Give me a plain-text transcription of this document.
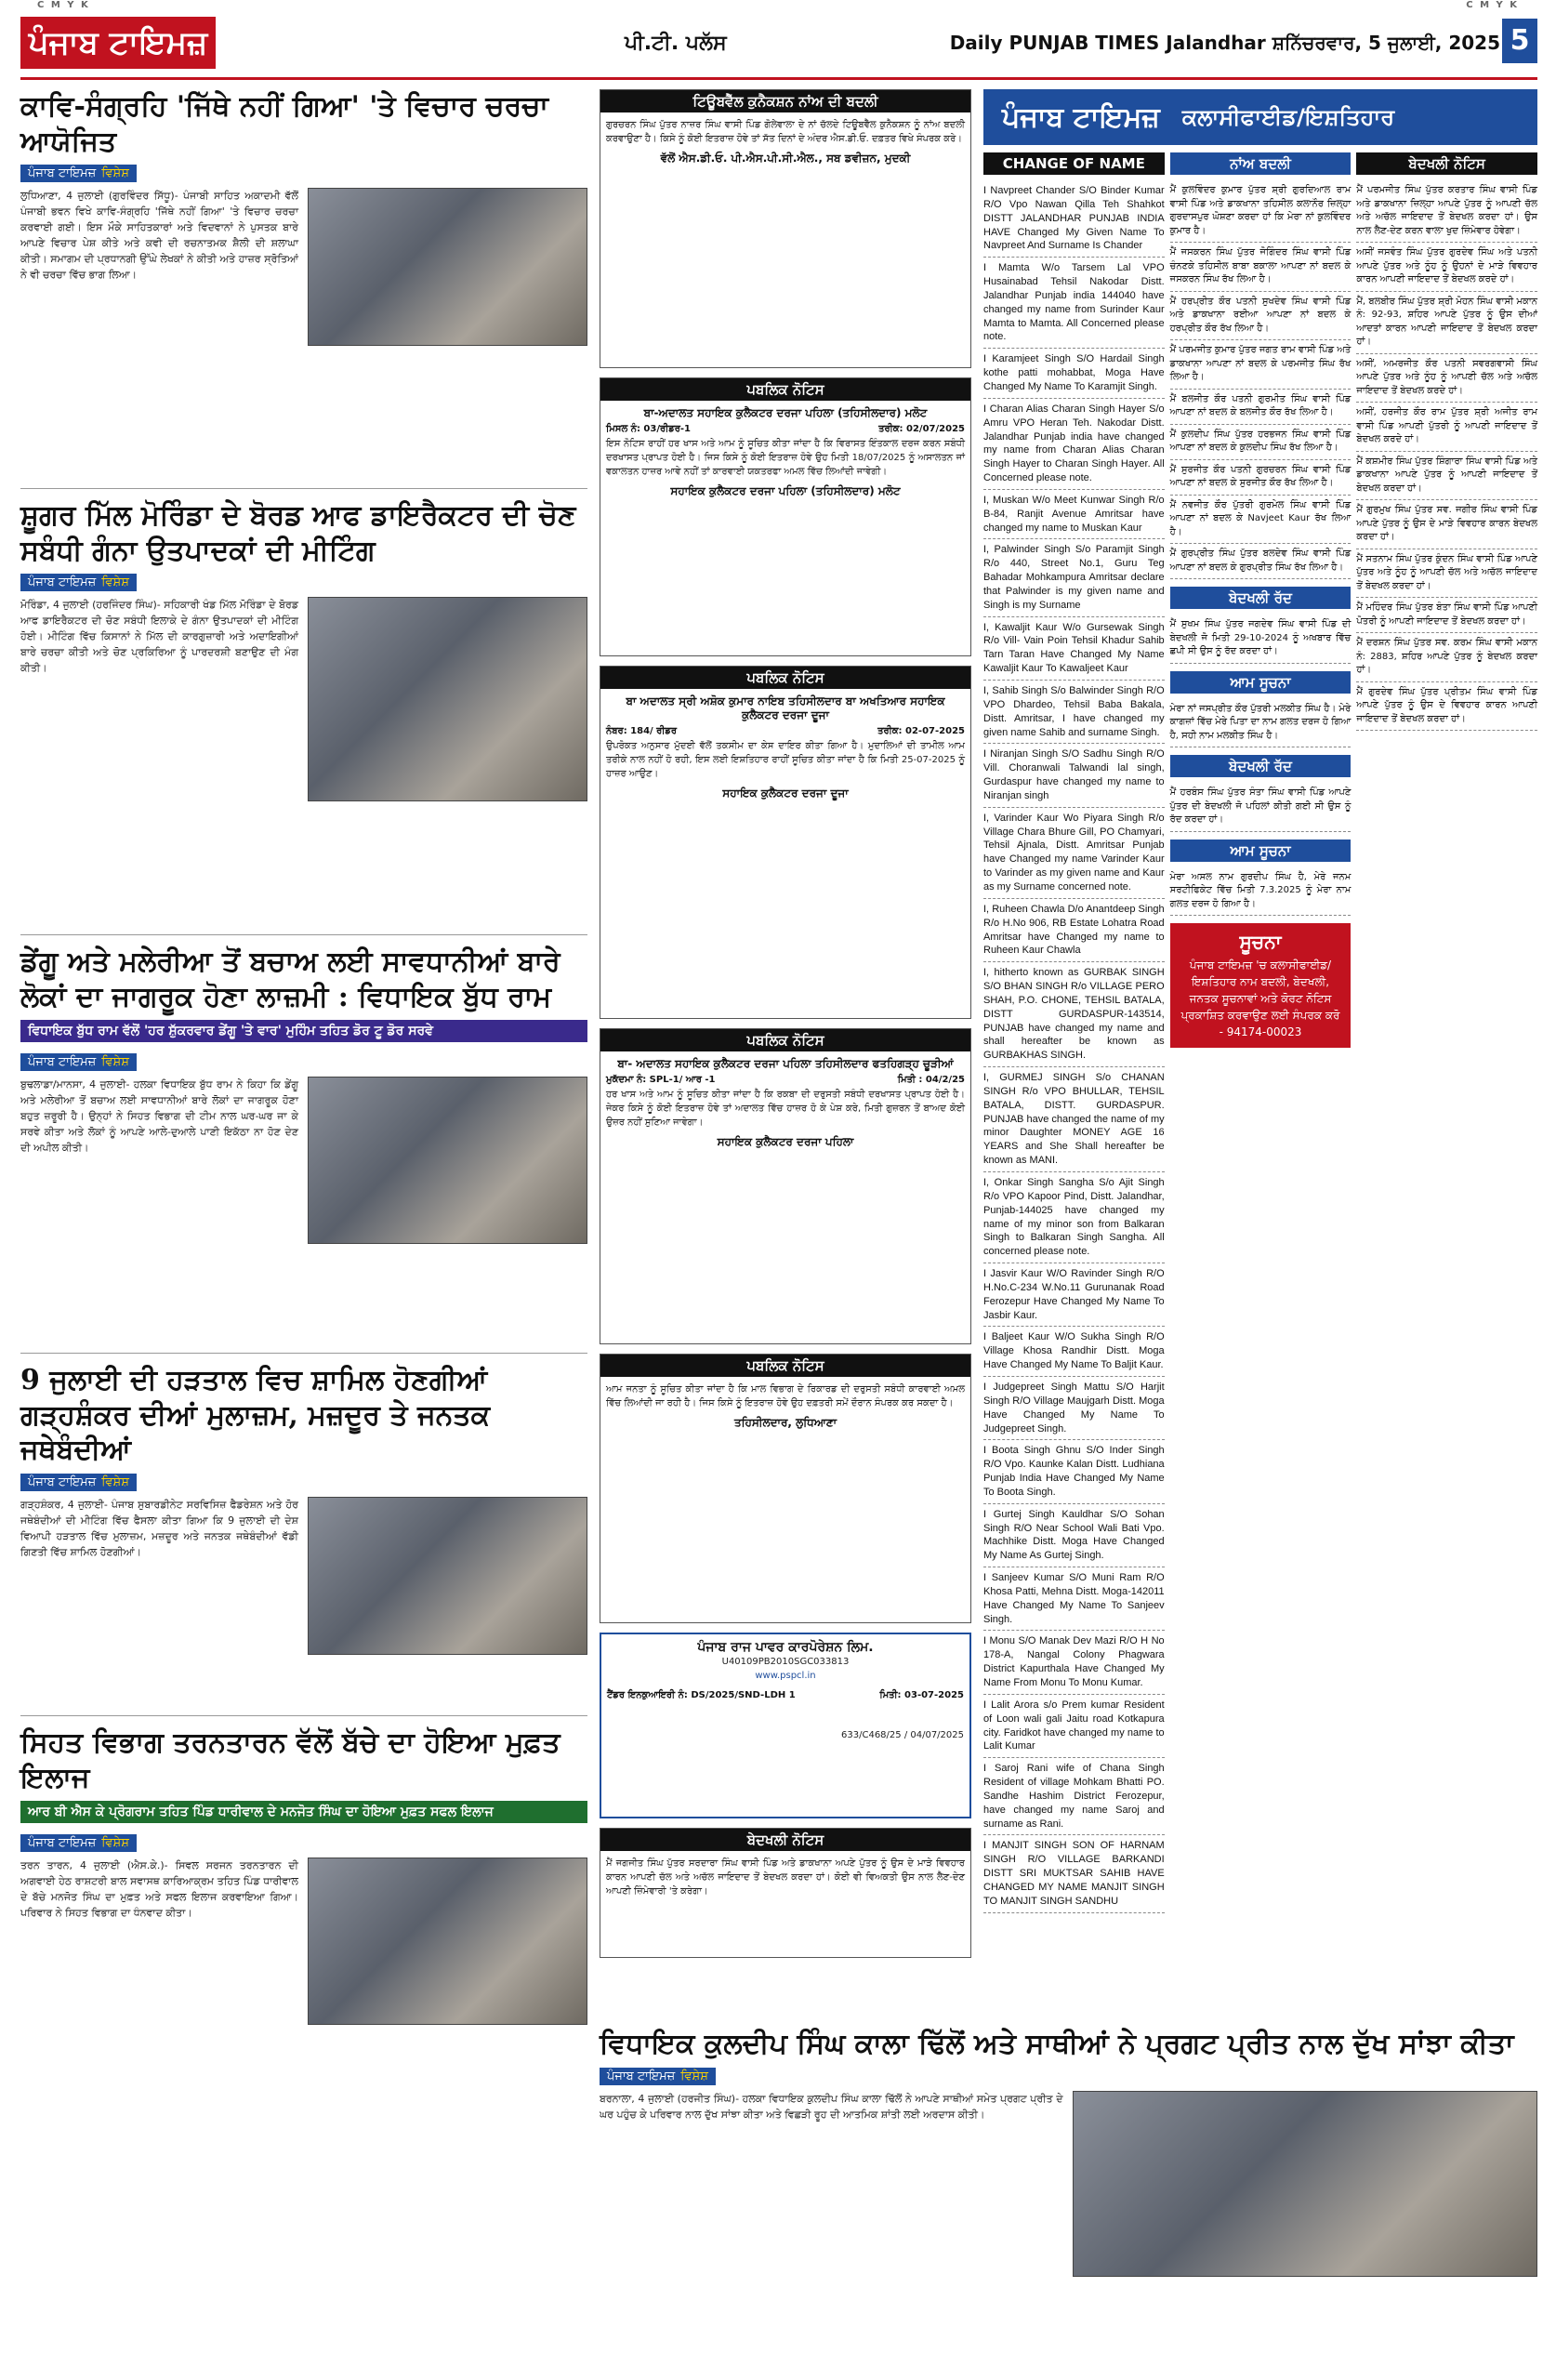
C M Y K	C M Y K
ਪੰਜਾਬ ਟਾਇਮਜ਼	ਪੀ.ਟੀ. ਪਲੱਸ	Daily PUNJAB TIMES Jalandhar ਸ਼ਨਿੱਚਰਵਾਰ, 5 ਜੁਲਾਈ, 2025 5
ਕਾਵਿ-ਸੰਗ੍ਰਹਿ 'ਜਿੱਥੇ ਨਹੀਂ ਗਿਆ' 'ਤੇ ਵਿਚਾਰ ਚਰਚਾ ਆਯੋਜਿਤ
ਪੰਜਾਬ ਟਾਇਮਜ਼ ਵਿਸ਼ੇਸ਼
ਲੁਧਿਆਣਾ, 4 ਜੁਲਾਈ (ਗੁਰਵਿੰਦਰ ਸਿੱਧੂ)- ਪੰਜਾਬੀ ਸਾਹਿਤ ਅਕਾਦਮੀ ਵੱਲੋਂ ਪੰਜਾਬੀ ਭਵਨ ਵਿਖੇ ਕਾਵਿ-ਸੰਗ੍ਰਹਿ 'ਜਿੱਥੇ ਨਹੀਂ ਗਿਆ' 'ਤੇ ਵਿਚਾਰ ਚਰਚਾ ਕਰਵਾਈ ਗਈ। ਇਸ ਮੌਕੇ ਸਾਹਿਤਕਾਰਾਂ ਅਤੇ ਵਿਦਵਾਨਾਂ ਨੇ ਪੁਸਤਕ ਬਾਰੇ ਆਪਣੇ ਵਿਚਾਰ ਪੇਸ਼ ਕੀਤੇ ਅਤੇ ਕਵੀ ਦੀ ਰਚਨਾਤਮਕ ਸ਼ੈਲੀ ਦੀ ਸ਼ਲਾਘਾ ਕੀਤੀ। ਸਮਾਗਮ ਦੀ ਪ੍ਰਧਾਨਗੀ ਉੱਘੇ ਲੇਖਕਾਂ ਨੇ ਕੀਤੀ ਅਤੇ ਹਾਜ਼ਰ ਸ੍ਰੋਤਿਆਂ ਨੇ ਵੀ ਚਰਚਾ ਵਿੱਚ ਭਾਗ ਲਿਆ।
ਸ਼ੂਗਰ ਮਿੱਲ ਮੋਰਿੰਡਾ ਦੇ ਬੋਰਡ ਆਫ ਡਾਇਰੈਕਟਰ ਦੀ ਚੋਣ ਸਬੰਧੀ ਗੰਨਾ ਉਤਪਾਦਕਾਂ ਦੀ ਮੀਟਿੰਗ
ਪੰਜਾਬ ਟਾਇਮਜ਼ ਵਿਸ਼ੇਸ਼
ਮੋਰਿੰਡਾ, 4 ਜੁਲਾਈ (ਹਰਜਿੰਦਰ ਸਿੰਘ)- ਸਹਿਕਾਰੀ ਖੰਡ ਮਿੱਲ ਮੋਰਿੰਡਾ ਦੇ ਬੋਰਡ ਆਫ ਡਾਇਰੈਕਟਰ ਦੀ ਚੋਣ ਸਬੰਧੀ ਇਲਾਕੇ ਦੇ ਗੰਨਾ ਉਤਪਾਦਕਾਂ ਦੀ ਮੀਟਿੰਗ ਹੋਈ। ਮੀਟਿੰਗ ਵਿੱਚ ਕਿਸਾਨਾਂ ਨੇ ਮਿੱਲ ਦੀ ਕਾਰਗੁਜ਼ਾਰੀ ਅਤੇ ਅਦਾਇਗੀਆਂ ਬਾਰੇ ਚਰਚਾ ਕੀਤੀ ਅਤੇ ਚੋਣ ਪ੍ਰਕਿਰਿਆ ਨੂੰ ਪਾਰਦਰਸ਼ੀ ਬਣਾਉਣ ਦੀ ਮੰਗ ਕੀਤੀ।
ਡੇਂਗੂ ਅਤੇ ਮਲੇਰੀਆ ਤੋਂ ਬਚਾਅ ਲਈ ਸਾਵਧਾਨੀਆਂ ਬਾਰੇ ਲੋਕਾਂ ਦਾ ਜਾਗਰੂਕ ਹੋਣਾ ਲਾਜ਼ਮੀ : ਵਿਧਾਇਕ ਬੁੱਧ ਰਾਮ
ਵਿਧਾਇਕ ਬੁੱਧ ਰਾਮ ਵੱਲੋਂ 'ਹਰ ਸ਼ੁੱਕਰਵਾਰ ਡੇਂਗੂ 'ਤੇ ਵਾਰ' ਮੁਹਿੰਮ ਤਹਿਤ ਡੋਰ ਟੂ ਡੋਰ ਸਰਵੇ
ਪੰਜਾਬ ਟਾਇਮਜ਼ ਵਿਸ਼ੇਸ਼
ਬੁਢਲਾਡਾ/ਮਾਨਸਾ, 4 ਜੁਲਾਈ- ਹਲਕਾ ਵਿਧਾਇਕ ਬੁੱਧ ਰਾਮ ਨੇ ਕਿਹਾ ਕਿ ਡੇਂਗੂ ਅਤੇ ਮਲੇਰੀਆ ਤੋਂ ਬਚਾਅ ਲਈ ਸਾਵਧਾਨੀਆਂ ਬਾਰੇ ਲੋਕਾਂ ਦਾ ਜਾਗਰੂਕ ਹੋਣਾ ਬਹੁਤ ਜ਼ਰੂਰੀ ਹੈ। ਉਨ੍ਹਾਂ ਨੇ ਸਿਹਤ ਵਿਭਾਗ ਦੀ ਟੀਮ ਨਾਲ ਘਰ-ਘਰ ਜਾ ਕੇ ਸਰਵੇ ਕੀਤਾ ਅਤੇ ਲੋਕਾਂ ਨੂੰ ਆਪਣੇ ਆਲੇ-ਦੁਆਲੇ ਪਾਣੀ ਇਕੱਠਾ ਨਾ ਹੋਣ ਦੇਣ ਦੀ ਅਪੀਲ ਕੀਤੀ।
9 ਜੁਲਾਈ ਦੀ ਹੜਤਾਲ ਵਿਚ ਸ਼ਾਮਿਲ ਹੋਣਗੀਆਂ ਗੜ੍ਹਸ਼ੰਕਰ ਦੀਆਂ ਮੁਲਾਜ਼ਮ, ਮਜ਼ਦੂਰ ਤੇ ਜਨਤਕ ਜਥੇਬੰਦੀਆਂ
ਪੰਜਾਬ ਟਾਇਮਜ਼ ਵਿਸ਼ੇਸ਼
ਗੜ੍ਹਸ਼ੰਕਰ, 4 ਜੁਲਾਈ- ਪੰਜਾਬ ਸੁਬਾਰਡੀਨੇਟ ਸਰਵਿਸਿਜ਼ ਫੈਡਰੇਸ਼ਨ ਅਤੇ ਹੋਰ ਜਥੇਬੰਦੀਆਂ ਦੀ ਮੀਟਿੰਗ ਵਿੱਚ ਫੈਸਲਾ ਕੀਤਾ ਗਿਆ ਕਿ 9 ਜੁਲਾਈ ਦੀ ਦੇਸ਼ ਵਿਆਪੀ ਹੜਤਾਲ ਵਿੱਚ ਮੁਲਾਜ਼ਮ, ਮਜ਼ਦੂਰ ਅਤੇ ਜਨਤਕ ਜਥੇਬੰਦੀਆਂ ਵੱਡੀ ਗਿਣਤੀ ਵਿੱਚ ਸ਼ਾਮਿਲ ਹੋਣਗੀਆਂ।
ਸਿਹਤ ਵਿਭਾਗ ਤਰਨਤਾਰਨ ਵੱਲੋਂ ਬੱਚੇ ਦਾ ਹੋਇਆ ਮੁਫ਼ਤ ਇਲਾਜ
ਆਰ ਬੀ ਐਸ ਕੇ ਪ੍ਰੋਗਰਾਮ ਤਹਿਤ ਪਿੰਡ ਧਾਰੀਵਾਲ ਦੇ ਮਨਜੋਤ ਸਿੰਘ ਦਾ ਹੋਇਆ ਮੁਫ਼ਤ ਸਫਲ ਇਲਾਜ
ਪੰਜਾਬ ਟਾਇਮਜ਼ ਵਿਸ਼ੇਸ਼
ਤਰਨ ਤਾਰਨ, 4 ਜੁਲਾਈ (ਐਸ.ਕੇ.)- ਸਿਵਲ ਸਰਜਨ ਤਰਨਤਾਰਨ ਦੀ ਅਗਵਾਈ ਹੇਠ ਰਾਸ਼ਟਰੀ ਬਾਲ ਸਵਾਸਥ ਕਾਰਿਆਕ੍ਰਮ ਤਹਿਤ ਪਿੰਡ ਧਾਰੀਵਾਲ ਦੇ ਬੱਚੇ ਮਨਜੋਤ ਸਿੰਘ ਦਾ ਮੁਫ਼ਤ ਅਤੇ ਸਫਲ ਇਲਾਜ ਕਰਵਾਇਆ ਗਿਆ। ਪਰਿਵਾਰ ਨੇ ਸਿਹਤ ਵਿਭਾਗ ਦਾ ਧੰਨਵਾਦ ਕੀਤਾ।
ਟਿਊਬਵੈੱਲ ਕੁਨੈਕਸ਼ਨ ਨਾਂਅ ਦੀ ਬਦਲੀ
ਗੁਰਚਰਨ ਸਿੰਘ ਪੁੱਤਰ ਨਾਜ਼ਰ ਸਿੰਘ ਵਾਸੀ ਪਿੰਡ ਗੋਲੇਵਾਲਾ ਦੇ ਨਾਂ ਚੱਲਦੇ ਟਿਊਬਵੈੱਲ ਕੁਨੈਕਸ਼ਨ ਨੂੰ ਨਾਂਅ ਬਦਲੀ ਕਰਵਾਉਣਾ ਹੈ। ਕਿਸੇ ਨੂੰ ਕੋਈ ਇਤਰਾਜ਼ ਹੋਵੇ ਤਾਂ ਸੱਤ ਦਿਨਾਂ ਦੇ ਅੰਦਰ ਐਸ.ਡੀ.ਓ. ਦਫ਼ਤਰ ਵਿਖੇ ਸੰਪਰਕ ਕਰੇ।
ਵੱਲੋਂ ਐਸ.ਡੀ.ਓ. ਪੀ.ਐਸ.ਪੀ.ਸੀ.ਐਲ., ਸਬ ਡਵੀਜ਼ਨ, ਮੁਦਕੀ
ਪਬਲਿਕ ਨੋਟਿਸ
ਬਾ-ਅਦਾਲਤ ਸਹਾਇਕ ਕੁਲੈਕਟਰ ਦਰਜਾ ਪਹਿਲਾ (ਤਹਿਸੀਲਦਾਰ) ਮਲੋਟ
ਮਿਸਲ ਨੰ: 03/ਰੀਡਰ-1	ਤਰੀਕ: 02/07/2025
ਇਸ ਨੋਟਿਸ ਰਾਹੀਂ ਹਰ ਖਾਸ ਅਤੇ ਆਮ ਨੂੰ ਸੂਚਿਤ ਕੀਤਾ ਜਾਂਦਾ ਹੈ ਕਿ ਵਿਰਾਸਤ ਇੰਤਕਾਲ ਦਰਜ ਕਰਨ ਸਬੰਧੀ ਦਰਖਾਸਤ ਪ੍ਰਾਪਤ ਹੋਈ ਹੈ। ਜਿਸ ਕਿਸੇ ਨੂੰ ਕੋਈ ਇਤਰਾਜ਼ ਹੋਵੇ ਉਹ ਮਿਤੀ 18/07/2025 ਨੂੰ ਅਸਾਲਤਨ ਜਾਂ ਵਕਾਲਤਨ ਹਾਜ਼ਰ ਆਵੇ ਨਹੀਂ ਤਾਂ ਕਾਰਵਾਈ ਯਕਤਰਫਾ ਅਮਲ ਵਿੱਚ ਲਿਆਂਦੀ ਜਾਵੇਗੀ।
ਸਹਾਇਕ ਕੁਲੈਕਟਰ ਦਰਜਾ ਪਹਿਲਾ (ਤਹਿਸੀਲਦਾਰ) ਮਲੋਟ
ਪਬਲਿਕ ਨੋਟਿਸ
ਬਾ ਅਦਾਲਤ ਸ੍ਰੀ ਅਸ਼ੋਕ ਕੁਮਾਰ ਨਾਇਬ ਤਹਿਸੀਲਦਾਰ ਬਾ ਅਖਤਿਆਰ ਸਹਾਇਕ ਕੁਲੈਕਟਰ ਦਰਜਾ ਦੂਜਾ
ਨੰਬਰ: 184/ ਰੀਡਰ	ਤਰੀਕ: 02-07-2025
ਉਪਰੋਕਤ ਅਨੁਸਾਰ ਮੁੱਦਈ ਵੱਲੋਂ ਤਕਸੀਮ ਦਾ ਕੇਸ ਦਾਇਰ ਕੀਤਾ ਗਿਆ ਹੈ। ਮੁਦਾਲਿਆਂ ਦੀ ਤਾਮੀਲ ਆਮ ਤਰੀਕੇ ਨਾਲ ਨਹੀਂ ਹੋ ਰਹੀ, ਇਸ ਲਈ ਇਸ਼ਤਿਹਾਰ ਰਾਹੀਂ ਸੂਚਿਤ ਕੀਤਾ ਜਾਂਦਾ ਹੈ ਕਿ ਮਿਤੀ 25-07-2025 ਨੂੰ ਹਾਜ਼ਰ ਆਉਣ।
ਸਹਾਇਕ ਕੁਲੈਕਟਰ ਦਰਜਾ ਦੂਜਾ
ਪਬਲਿਕ ਨੋਟਿਸ
ਬਾ- ਅਦਾਲਤ ਸਹਾਇਕ ਕੁਲੈਕਟਰ ਦਰਜਾ ਪਹਿਲਾ ਤਹਿਸੀਲਦਾਰ ਫਤਹਿਗੜ੍ਹ ਚੂੜੀਆਂ
ਮੁਕੱਦਮਾ ਨੰ: SPL-1/ ਆਰ -1	ਮਿਤੀ : 04/2/25
ਹਰ ਖਾਸ ਅਤੇ ਆਮ ਨੂੰ ਸੂਚਿਤ ਕੀਤਾ ਜਾਂਦਾ ਹੈ ਕਿ ਰਕਬਾ ਦੀ ਦਰੁਸਤੀ ਸਬੰਧੀ ਦਰਖਾਸਤ ਪ੍ਰਾਪਤ ਹੋਈ ਹੈ। ਜੇਕਰ ਕਿਸੇ ਨੂੰ ਕੋਈ ਇਤਰਾਜ਼ ਹੋਵੇ ਤਾਂ ਅਦਾਲਤ ਵਿੱਚ ਹਾਜ਼ਰ ਹੋ ਕੇ ਪੇਸ਼ ਕਰੇ, ਮਿਤੀ ਗੁਜ਼ਰਨ ਤੋਂ ਬਾਅਦ ਕੋਈ ਉਜ਼ਰ ਨਹੀਂ ਸੁਣਿਆ ਜਾਵੇਗਾ।
ਸਹਾਇਕ ਕੁਲੈਕਟਰ ਦਰਜਾ ਪਹਿਲਾ
ਪਬਲਿਕ ਨੋਟਿਸ
ਆਮ ਜਨਤਾ ਨੂੰ ਸੂਚਿਤ ਕੀਤਾ ਜਾਂਦਾ ਹੈ ਕਿ ਮਾਲ ਵਿਭਾਗ ਦੇ ਰਿਕਾਰਡ ਦੀ ਦਰੁਸਤੀ ਸਬੰਧੀ ਕਾਰਵਾਈ ਅਮਲ ਵਿੱਚ ਲਿਆਂਦੀ ਜਾ ਰਹੀ ਹੈ। ਜਿਸ ਕਿਸੇ ਨੂੰ ਇਤਰਾਜ਼ ਹੋਵੇ ਉਹ ਦਫ਼ਤਰੀ ਸਮੇਂ ਦੌਰਾਨ ਸੰਪਰਕ ਕਰ ਸਕਦਾ ਹੈ।
ਤਹਿਸੀਲਦਾਰ, ਲੁਧਿਆਣਾ
ਪੰਜਾਬ ਰਾਜ ਪਾਵਰ ਕਾਰਪੋਰੇਸ਼ਨ ਲਿਮ.
U40109PB2010SGC033813
www.pspcl.in
ਟੈਂਡਰ ਇਨਕੁਆਇਰੀ ਨੰ: DS/2025/SND-LDH 1	ਮਿਤੀ: 03-07-2025
633/C468/25 / 04/07/2025
ਬੇਦਖਲੀ ਨੋਟਿਸ
ਮੈਂ ਜਗਜੀਤ ਸਿੰਘ ਪੁੱਤਰ ਸਰਦਾਰਾ ਸਿੰਘ ਵਾਸੀ ਪਿੰਡ ਅਤੇ ਡਾਕਖਾਨਾ ਅਪਣੇ ਪੁੱਤਰ ਨੂੰ ਉਸ ਦੇ ਮਾੜੇ ਵਿਵਹਾਰ ਕਾਰਨ ਆਪਣੀ ਚੱਲ ਅਤੇ ਅਚੱਲ ਜਾਇਦਾਦ ਤੋਂ ਬੇਦਖਲ ਕਰਦਾ ਹਾਂ। ਕੋਈ ਵੀ ਵਿਅਕਤੀ ਉਸ ਨਾਲ ਲੈਣ-ਦੇਣ ਆਪਣੀ ਜ਼ਿੰਮੇਵਾਰੀ 'ਤੇ ਕਰੇਗਾ।
ਪੰਜਾਬ ਟਾਇਮਜ਼ ਕਲਾਸੀਫਾਈਡ/ਇਸ਼ਤਿਹਾਰ
CHANGE OF NAME
I Navpreet Chander S/O Binder Kumar R/O Vpo Nawan Qilla Teh Shahkot DISTT JALANDHAR PUNJAB INDIA HAVE Changed My Given Name To Navpreet And Surname Is Chander
I Mamta W/o Tarsem Lal VPO Husainabad Tehsil Nakodar Distt. Jalandhar Punjab india 144040 have changed my name from Surinder Kaur Mamta to Mamta. All Concerned please note.
I Karamjeet Singh S/O Hardail Singh kothe patti mohabbat, Moga Have Changed My Name To Karamjit Singh.
I Charan Alias Charan Singh Hayer S/o Amru VPO Heran Teh. Nakodar Distt. Jalandhar Punjab india have changed my name from Charan Alias Charan Singh Hayer to Charan Singh Hayer. All Concerned please note.
I, Muskan W/o Meet Kunwar Singh R/o B-84, Ranjit Avenue Amritsar have changed my name to Muskan Kaur
I, Palwinder Singh S/o Paramjit Singh R/o 440, Street No.1, Guru Teg Bahadar Mohkampura Amritsar declare that Palwinder is my given name and Singh is my Surname
I, Kawaljit Kaur W/o Gursewak Singh R/o Vill- Vain Poin Tehsil Khadur Sahib Tarn Taran Have Changed My Name Kawaljit Kaur To Kawaljeet Kaur
I, Sahib Singh S/o Balwinder Singh R/O VPO Dhardeo, Tehsil Baba Bakala, Distt. Amritsar, I have changed my given name Sahib and surname Singh.
I Niranjan Singh S/O Sadhu Singh R/O Vill. Choranwali Talwandi lal singh, Gurdaspur have changed my name to Niranjan singh
I, Varinder Kaur Wo Piyara Singh R/o Village Chara Bhure Gill, PO Chamyari, Tehsil Ajnala, Distt. Amritsar Punjab have Changed my name Varinder Kaur to Varinder as my given name and Kaur as my Surname concerned note.
I, Ruheen Chawla D/o Anantdeep Singh R/o H.No 906, RB Estate Lohatra Road Amritsar have Changed my name to Ruheen Kaur Chawla
I, hitherto known as GURBAK SINGH S/O BHAN SINGH R/o VILLAGE PERO SHAH, P.O. CHONE, TEHSIL BATALA, DISTT GURDASPUR-143514, PUNJAB have changed my name and shall hereafter be known as GURBAKHAS SINGH.
I, GURMEJ SINGH S/o CHANAN SINGH R/o VPO BHULLAR, TEHSIL BATALA, DISTT. GURDASPUR. PUNJAB have changed the name of my minor Daughter MONEY AGE 16 YEARS and She Shall hereafter be known as MANI.
I, Onkar Singh Sangha S/o Ajit Singh R/o VPO Kapoor Pind, Distt. Jalandhar, Punjab-144025 have changed my name of my minor son from Balkaran Singh to Balkaran Singh Sangha. All concerned please note.
I Jasvir Kaur W/O Ravinder Singh R/O H.No.C-234 W.No.11 Gurunanak Road Ferozepur Have Changed My Name To Jasbir Kaur.
I Baljeet Kaur W/O Sukha Singh R/O Village Khosa Randhir Distt. Moga Have Changed My Name To Baljit Kaur.
I Judgepreet Singh Mattu S/O Harjit Singh R/O Village Maujgarh Distt. Moga Have Changed My Name To Judgepreet Singh.
I Boota Singh Ghnu S/O Inder Singh R/O Vpo. Kaunke Kalan Distt. Ludhiana Punjab India Have Changed My Name To Boota Singh.
I Gurtej Singh Kauldhar S/O Sohan Singh R/O Near School Wali Bati Vpo. Machhike Distt. Moga Have Changed My Name As Gurtej Singh.
I Sanjeev Kumar S/O Muni Ram R/O Khosa Patti, Mehna Distt. Moga-142011 Have Changed My Name To Sanjeev Singh.
I Monu S/O Manak Dev Mazi R/O H No 178-A, Nangal Colony Phagwara District Kapurthala Have Changed My Name From Monu To Monu Kumar.
I Lalit Arora s/o Prem kumar Resident of Loon wali gali Jaitu road Kotkapura city. Faridkot have changed my name to Lalit Kumar
I Saroj Rani wife of Chana Singh Resident of village Mohkam Bhatti PO. Sandhe Hashim District Ferozepur, have changed my name Saroj and surname as Rani.
I MANJIT SINGH SON OF HARNAM SINGH R/O VILLAGE BARKANDI DISTT SRI MUKTSAR SAHIB HAVE CHANGED MY NAME MANJIT SINGH TO MANJIT SINGH SANDHU
ਨਾਂਅ ਬਦਲੀ
ਮੈਂ ਕੁਲਵਿੰਦਰ ਕੁਮਾਰ ਪੁੱਤਰ ਸ਼੍ਰੀ ਗੁਰਦਿਆਲ ਰਾਮ ਵਾਸੀ ਪਿੰਡ ਅਤੇ ਡਾਕਖਾਨਾ ਤਹਿਸੀਲ ਕਲਾਨੌਰ ਜ਼ਿਲ੍ਹਾ ਗੁਰਦਾਸਪੁਰ ਘੋਸ਼ਣਾ ਕਰਦਾ ਹਾਂ ਕਿ ਮੇਰਾ ਨਾਂ ਕੁਲਵਿੰਦਰ ਕੁਮਾਰ ਹੈ।
ਮੈਂ ਜਸਕਰਨ ਸਿੰਘ ਪੁੱਤਰ ਜੋਗਿੰਦਰ ਸਿੰਘ ਵਾਸੀ ਪਿੰਡ ਚੰਨਣਕੇ ਤਹਿਸੀਲ ਬਾਬਾ ਬਕਾਲਾ ਆਪਣਾ ਨਾਂ ਬਦਲ ਕੇ ਜਸਕਰਨ ਸਿੰਘ ਰੱਖ ਲਿਆ ਹੈ।
ਮੈਂ ਹਰਪ੍ਰੀਤ ਕੌਰ ਪਤਨੀ ਸੁਖਦੇਵ ਸਿੰਘ ਵਾਸੀ ਪਿੰਡ ਅਤੇ ਡਾਕਖਾਨਾ ਰਈਆ ਆਪਣਾ ਨਾਂ ਬਦਲ ਕੇ ਹਰਪ੍ਰੀਤ ਕੌਰ ਰੱਖ ਲਿਆ ਹੈ।
ਮੈਂ ਪਰਮਜੀਤ ਕੁਮਾਰ ਪੁੱਤਰ ਜਗਤ ਰਾਮ ਵਾਸੀ ਪਿੰਡ ਅਤੇ ਡਾਕਖਾਨਾ ਆਪਣਾ ਨਾਂ ਬਦਲ ਕੇ ਪਰਮਜੀਤ ਸਿੰਘ ਰੱਖ ਲਿਆ ਹੈ।
ਮੈਂ ਬਲਜੀਤ ਕੌਰ ਪਤਨੀ ਗੁਰਮੀਤ ਸਿੰਘ ਵਾਸੀ ਪਿੰਡ ਆਪਣਾ ਨਾਂ ਬਦਲ ਕੇ ਬਲਜੀਤ ਕੌਰ ਰੱਖ ਲਿਆ ਹੈ।
ਮੈਂ ਕੁਲਦੀਪ ਸਿੰਘ ਪੁੱਤਰ ਹਰਭਜਨ ਸਿੰਘ ਵਾਸੀ ਪਿੰਡ ਆਪਣਾ ਨਾਂ ਬਦਲ ਕੇ ਕੁਲਦੀਪ ਸਿੰਘ ਰੱਖ ਲਿਆ ਹੈ।
ਮੈਂ ਸੁਰਜੀਤ ਕੌਰ ਪਤਨੀ ਗੁਰਚਰਨ ਸਿੰਘ ਵਾਸੀ ਪਿੰਡ ਆਪਣਾ ਨਾਂ ਬਦਲ ਕੇ ਸੁਰਜੀਤ ਕੌਰ ਰੱਖ ਲਿਆ ਹੈ।
ਮੈਂ ਨਵਜੀਤ ਕੌਰ ਪੁੱਤਰੀ ਗੁਰਮੇਲ ਸਿੰਘ ਵਾਸੀ ਪਿੰਡ ਆਪਣਾ ਨਾਂ ਬਦਲ ਕੇ Navjeet Kaur ਰੱਖ ਲਿਆ ਹੈ।
ਮੈਂ ਗੁਰਪ੍ਰੀਤ ਸਿੰਘ ਪੁੱਤਰ ਬਲਦੇਵ ਸਿੰਘ ਵਾਸੀ ਪਿੰਡ ਆਪਣਾ ਨਾਂ ਬਦਲ ਕੇ ਗੁਰਪ੍ਰੀਤ ਸਿੰਘ ਰੱਖ ਲਿਆ ਹੈ।
ਬੇਦਖਲੀ ਰੱਦ
ਮੈਂ ਸੁਖਮ ਸਿੰਘ ਪੁੱਤਰ ਜਗਦੇਵ ਸਿੰਘ ਵਾਸੀ ਪਿੰਡ ਦੀ ਬੇਦਖਲੀ ਜੋ ਮਿਤੀ 29-10-2024 ਨੂੰ ਅਖਬਾਰ ਵਿੱਚ ਛਪੀ ਸੀ ਉਸ ਨੂੰ ਰੱਦ ਕਰਦਾ ਹਾਂ।
ਆਮ ਸੂਚਨਾ
ਮੇਰਾ ਨਾਂ ਜਸਪ੍ਰੀਤ ਕੌਰ ਪੁੱਤਰੀ ਮਲਕੀਤ ਸਿੰਘ ਹੈ। ਮੇਰੇ ਕਾਗਜ਼ਾਂ ਵਿੱਚ ਮੇਰੇ ਪਿਤਾ ਦਾ ਨਾਮ ਗਲਤ ਦਰਜ ਹੋ ਗਿਆ ਹੈ, ਸਹੀ ਨਾਮ ਮਲਕੀਤ ਸਿੰਘ ਹੈ।
ਬੇਦਖਲੀ ਰੱਦ
ਮੈਂ ਹਰਬੰਸ ਸਿੰਘ ਪੁੱਤਰ ਸੰਤਾ ਸਿੰਘ ਵਾਸੀ ਪਿੰਡ ਆਪਣੇ ਪੁੱਤਰ ਦੀ ਬੇਦਖਲੀ ਜੋ ਪਹਿਲਾਂ ਕੀਤੀ ਗਈ ਸੀ ਉਸ ਨੂੰ ਰੱਦ ਕਰਦਾ ਹਾਂ।
ਆਮ ਸੂਚਨਾ
ਮੇਰਾ ਅਸਲ ਨਾਮ ਗੁਰਦੀਪ ਸਿੰਘ ਹੈ, ਮੇਰੇ ਜਨਮ ਸਰਟੀਫਿਕੇਟ ਵਿੱਚ ਮਿਤੀ 7.3.2025 ਨੂੰ ਮੇਰਾ ਨਾਮ ਗਲਤ ਦਰਜ ਹੋ ਗਿਆ ਹੈ।
ਸੂਚਨਾ
ਪੰਜਾਬ ਟਾਇਮਜ਼ 'ਚ ਕਲਾਸੀਫਾਈਡ/ ਇਸ਼ਤਿਹਾਰ ਨਾਮ ਬਦਲੀ, ਬੇਦਖਲੀ, ਜਨਤਕ ਸੂਚਨਾਵਾਂ ਅਤੇ ਕੋਰਟ ਨੋਟਿਸ ਪ੍ਰਕਾਸ਼ਿਤ ਕਰਵਾਉਣ ਲਈ ਸੰਪਰਕ ਕਰੋ - 94174-00023
ਬੇਦਖਲੀ ਨੋਟਿਸ
ਮੈਂ ਪਰਮਜੀਤ ਸਿੰਘ ਪੁੱਤਰ ਕਰਤਾਰ ਸਿੰਘ ਵਾਸੀ ਪਿੰਡ ਅਤੇ ਡਾਕਖਾਨਾ ਜ਼ਿਲ੍ਹਾ ਆਪਣੇ ਪੁੱਤਰ ਨੂੰ ਆਪਣੀ ਚੱਲ ਅਤੇ ਅਚੱਲ ਜਾਇਦਾਦ ਤੋਂ ਬੇਦਖਲ ਕਰਦਾ ਹਾਂ। ਉਸ ਨਾਲ ਲੈਣ-ਦੇਣ ਕਰਨ ਵਾਲਾ ਖੁਦ ਜ਼ਿੰਮੇਵਾਰ ਹੋਵੇਗਾ।
ਅਸੀਂ ਜਸਵੰਤ ਸਿੰਘ ਪੁੱਤਰ ਗੁਰਦੇਵ ਸਿੰਘ ਅਤੇ ਪਤਨੀ ਆਪਣੇ ਪੁੱਤਰ ਅਤੇ ਨੂੰਹ ਨੂੰ ਉਹਨਾਂ ਦੇ ਮਾੜੇ ਵਿਵਹਾਰ ਕਾਰਨ ਆਪਣੀ ਜਾਇਦਾਦ ਤੋਂ ਬੇਦਖਲ ਕਰਦੇ ਹਾਂ।
ਮੈਂ, ਬਲਬੀਰ ਸਿੰਘ ਪੁੱਤਰ ਸ਼੍ਰੀ ਮੋਹਨ ਸਿੰਘ ਵਾਸੀ ਮਕਾਨ ਨੰ: 92-93, ਸ਼ਹਿਰ ਆਪਣੇ ਪੁੱਤਰ ਨੂੰ ਉਸ ਦੀਆਂ ਆਦਤਾਂ ਕਾਰਨ ਆਪਣੀ ਜਾਇਦਾਦ ਤੋਂ ਬੇਦਖਲ ਕਰਦਾ ਹਾਂ।
ਅਸੀਂ, ਅਮਰਜੀਤ ਕੌਰ ਪਤਨੀ ਸਵਰਗਵਾਸੀ ਸਿੰਘ ਆਪਣੇ ਪੁੱਤਰ ਅਤੇ ਨੂੰਹ ਨੂੰ ਆਪਣੀ ਚੱਲ ਅਤੇ ਅਚੱਲ ਜਾਇਦਾਦ ਤੋਂ ਬੇਦਖਲ ਕਰਦੇ ਹਾਂ।
ਅਸੀਂ, ਹਰਜੀਤ ਕੌਰ ਰਾਮ ਪੁੱਤਰ ਸ਼੍ਰੀ ਅਜੀਤ ਰਾਮ ਵਾਸੀ ਪਿੰਡ ਆਪਣੀ ਪੁੱਤਰੀ ਨੂੰ ਆਪਣੀ ਜਾਇਦਾਦ ਤੋਂ ਬੇਦਖਲ ਕਰਦੇ ਹਾਂ।
ਮੈਂ ਕਸ਼ਮੀਰ ਸਿੰਘ ਪੁੱਤਰ ਸ਼ਿੰਗਾਰਾ ਸਿੰਘ ਵਾਸੀ ਪਿੰਡ ਅਤੇ ਡਾਕਖਾਨਾ ਆਪਣੇ ਪੁੱਤਰ ਨੂੰ ਆਪਣੀ ਜਾਇਦਾਦ ਤੋਂ ਬੇਦਖਲ ਕਰਦਾ ਹਾਂ।
ਮੈਂ ਗੁਰਮੁਖ ਸਿੰਘ ਪੁੱਤਰ ਸਵ. ਜਗੀਰ ਸਿੰਘ ਵਾਸੀ ਪਿੰਡ ਆਪਣੇ ਪੁੱਤਰ ਨੂੰ ਉਸ ਦੇ ਮਾੜੇ ਵਿਵਹਾਰ ਕਾਰਨ ਬੇਦਖਲ ਕਰਦਾ ਹਾਂ।
ਮੈਂ ਸਤਨਾਮ ਸਿੰਘ ਪੁੱਤਰ ਕੁੰਦਨ ਸਿੰਘ ਵਾਸੀ ਪਿੰਡ ਆਪਣੇ ਪੁੱਤਰ ਅਤੇ ਨੂੰਹ ਨੂੰ ਆਪਣੀ ਚੱਲ ਅਤੇ ਅਚੱਲ ਜਾਇਦਾਦ ਤੋਂ ਬੇਦਖਲ ਕਰਦਾ ਹਾਂ।
ਮੈਂ ਮਹਿੰਦਰ ਸਿੰਘ ਪੁੱਤਰ ਬੰਤਾ ਸਿੰਘ ਵਾਸੀ ਪਿੰਡ ਆਪਣੀ ਪੋਤਰੀ ਨੂੰ ਆਪਣੀ ਜਾਇਦਾਦ ਤੋਂ ਬੇਦਖਲ ਕਰਦਾ ਹਾਂ।
ਮੈਂ ਦਰਸ਼ਨ ਸਿੰਘ ਪੁੱਤਰ ਸਵ. ਕਰਮ ਸਿੰਘ ਵਾਸੀ ਮਕਾਨ ਨੰ: 2883, ਸ਼ਹਿਰ ਆਪਣੇ ਪੁੱਤਰ ਨੂੰ ਬੇਦਖਲ ਕਰਦਾ ਹਾਂ।
ਮੈਂ ਗੁਰਦੇਵ ਸਿੰਘ ਪੁੱਤਰ ਪ੍ਰੀਤਮ ਸਿੰਘ ਵਾਸੀ ਪਿੰਡ ਆਪਣੇ ਪੁੱਤਰ ਨੂੰ ਉਸ ਦੇ ਵਿਵਹਾਰ ਕਾਰਨ ਆਪਣੀ ਜਾਇਦਾਦ ਤੋਂ ਬੇਦਖਲ ਕਰਦਾ ਹਾਂ।
ਵਿਧਾਇਕ ਕੁਲਦੀਪ ਸਿੰਘ ਕਾਲਾ ਢਿੱਲੋਂ ਅਤੇ ਸਾਥੀਆਂ ਨੇ ਪ੍ਰਗਟ ਪ੍ਰੀਤ ਨਾਲ ਦੁੱਖ ਸਾਂਝਾ ਕੀਤਾ
ਪੰਜਾਬ ਟਾਇਮਜ਼ ਵਿਸ਼ੇਸ਼
ਬਰਨਾਲਾ, 4 ਜੁਲਾਈ (ਹਰਜੀਤ ਸਿੰਘ)- ਹਲਕਾ ਵਿਧਾਇਕ ਕੁਲਦੀਪ ਸਿੰਘ ਕਾਲਾ ਢਿੱਲੋਂ ਨੇ ਆਪਣੇ ਸਾਥੀਆਂ ਸਮੇਤ ਪ੍ਰਗਟ ਪ੍ਰੀਤ ਦੇ ਘਰ ਪਹੁੰਚ ਕੇ ਪਰਿਵਾਰ ਨਾਲ ਦੁੱਖ ਸਾਂਝਾ ਕੀਤਾ ਅਤੇ ਵਿਛੜੀ ਰੂਹ ਦੀ ਆਤਮਿਕ ਸ਼ਾਂਤੀ ਲਈ ਅਰਦਾਸ ਕੀਤੀ।
